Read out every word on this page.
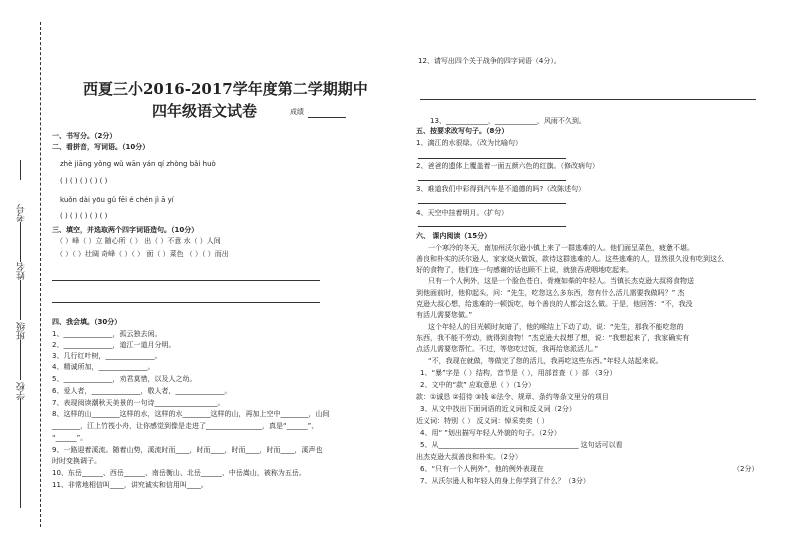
学校
班级
姓名
考号
西夏三小2016-2017学年度第二学期期中
四年级语文试卷	成绩
一、书写分。（2分）
二、看拼音，写词语。（10分）
zhè jiāng yǒng wǔ wān yán qí zhòng bǎi huò
( ) ( ) ( ) ( ) ( )
kuǒn dài yōu gǔ fēi é chén jì ā yí
( ) ( ) ( ) ( ) ( )
三、填空，并选取两个四字词语造句。（10分）
（ ）峰（ ）立 随心所（ ） 出（ ）不意 水（ ）人间
（ ）（ ）壮阔 奇峰（ ）（ ） 面（ ）菜色 （ ）（ ）而出
四、我会填。（30分）
1、______________，孤云独去闲。
2、______________，道江一道月分明。
3、几行红叶树，______________。
4、精诚所加，______________。
5、______________，劝君莫惜，以及人之幼。
6、爱人者，______________，敬人者，______________。
7、表现阅读潮秋天美景的一句诗__________________。
8、这样的山________这样的水，这样的水________这样的山，再加上空中________，山间
________，江上竹筏小舟，让你感觉到像是走进了________________，真是“______”、
“______”。
9、一路迎着溪流。随着山势，溪流时而____，时而____，时而____，时而____，溪声也
时时变换调子。
10、东岳______、西岳______、南岳衡山、北岳______、中岳嵩山，被称为五岳。
11、非常地相信叫____，讲究诚实和信用叫____。
12、请写出四个关于战争的四字词语（4分）。
13、____________，____________，风雨不久到。
五、按要求改写句子。（8分）
1、漓江的水很绿。（改为比喻句）
2、爸爸的遗体上覆盖着一面五颜六色的红旗。（修改病句）
3、难道我们中彩得到汽车是不道德的吗?（改陈述句）
4、天空中挂着明月。（扩句）
六、 课内阅读（15分）
一个寒冷的冬天，南加州沃尔逊小镇上来了一群逃难的人。他们面呈菜色，疲惫不堪。
善良和朴实的沃尔逊人，家家烧火做饭，款待这群逃难的人。这些逃难的人，显然很久没有吃到这么
好的食物了，他们连一句感谢的话也顾不上说，就狼吞虎咽地吃起来。
只有一个人例外，这是一个脸色苍白、骨瘦如柴的年轻人。当镇长杰克逊大叔将食物送
到他面前时，他仰起头，问：“先生，吃您这么多东西，您有什么活儿需要我做吗？” 杰
克逊大叔心想，给逃难的一顿饭吃，每个善良的人都会这么做。于是，他回答：“不，我没
有活儿需要您做。”
这个年轻人的目光顿时灰暗了，他的喉结上下动了动，说：“先生，那我不能吃您的
东西，我不能不劳动，就得到食物！”杰克逊大叔想了想，说：“我想起来了，我家确实有
点活儿需要您帮忙。不过，等您吃过饭，我再给您派活儿。”
“不，我现在就做，等做完了您的活儿，我再吃这些东西。”年轻人站起来说。
1、“暴”字是（ ）结构，音节是（ ），用部首查（ ）部 （3分）
2、文中的“款” 应取意思（ ）（1分）
款：①诚恳 ②招待 ③钱 ④法令、规章、条约等条文里分的项目
3、从文中找出下面词语的近义词和反义词（2分）
近义词：特别（ ） 反义词：悼采奕奕（ ）
4、用“ ”划出描写年轻人外貌的句子。（2分）
5、从________________________________________ 这句话可以看
出杰克逊大叔善良和朴实。（2分）
6、“只有一个人例外”，他的例外表现在	（2分）
7、从沃尔逊人和年轻人的身上你学到了什么？（3分）
